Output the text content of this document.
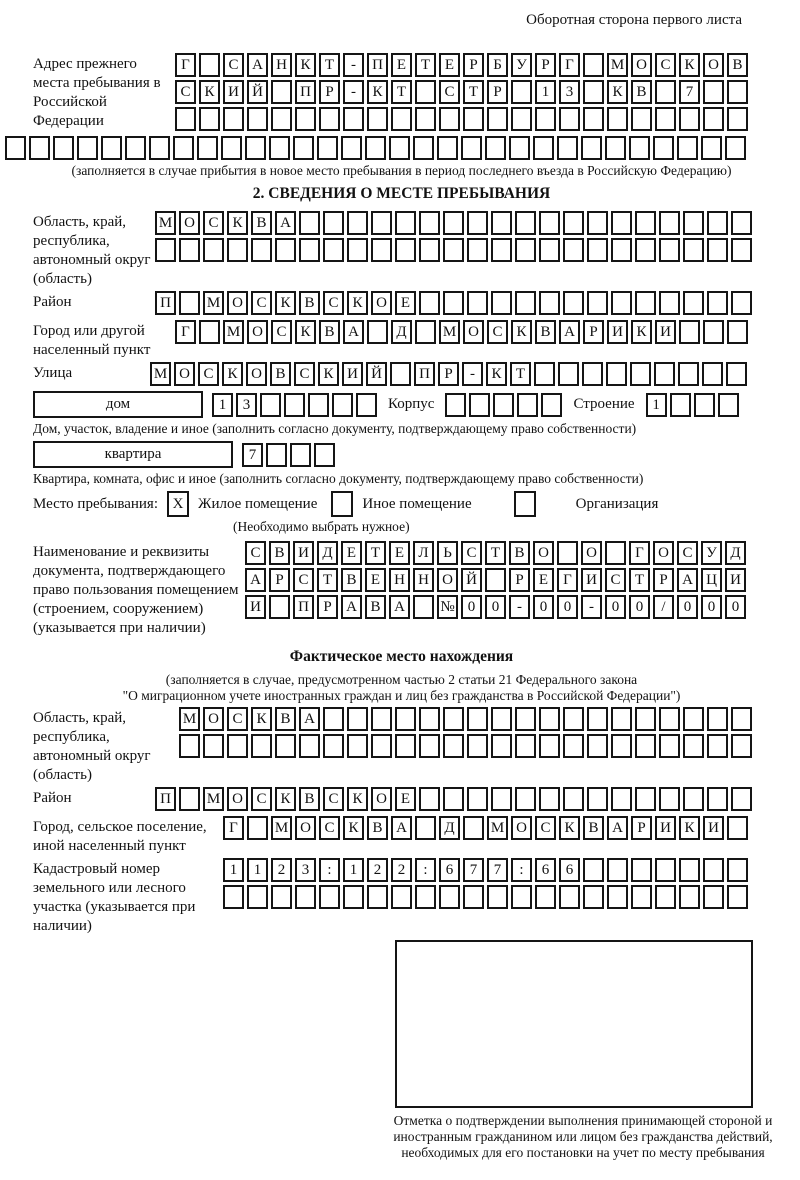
Оборотная сторона первого листа
Адрес прежнего места пребывания в Российской Федерации
Г	С А Н К Т	-	П Е Т Е	Р	Б У Р	Г	М О С К О В
С К И Й	П Р	-	К Т	С Т	Р	1	3	К В	7
(заполняется в случае прибытия в новое место пребывания в период последнего въезда в Российскую Федерацию)
2. СВЕДЕНИЯ О МЕСТЕ ПРЕБЫВАНИЯ
Область, край, республика, автономный округ (область)
М О С К В А
Район	П	М О С К В С К О Е
Город или другой населенный пункт
Г	М О С К В А	Д	М О С К В А Р И К И
Улица	М О С К О В С К И Й	П Р	-	К Т
дом	1	3	Корпус	Строение	1
Дом, участок, владение и иное (заполнить согласно документу, подтверждающему право собственности)
квартира	7
Квартира, комната, офис и иное (заполнить согласно документу, подтверждающему право собственности)
Место пребывания: X Жилое помещение	Иное помещение	Организация
(Необходимо выбрать нужное)
Наименование и реквизиты документа, подтверждающего право пользования помещением (строением, сооружением) (указывается при наличии)
С В И Д Е Т Е Л Ь С Т В О	О	Г О С У Д
А Р С Т В Е Н Н О Й	Р	Е	Г И С Т	Р А Ц И
И	П Р А В А	№ 0	0	-	0	0	-	0	0	/	0	0	0
Фактическое место нахождения
(заполняется в случае, предусмотренном частью 2 статьи 21 Федерального закона
"О миграционном учете иностранных граждан и лиц без гражданства в Российской Федерации")
Область, край, республика, автономный округ (область)
М О С К В А
Район	П	М О С К В С К О Е
Город, сельское поселение, иной населенный пункт
Г	М О С К В А	Д	М О С К В А Р И К И
Кадастровый номер земельного или лесного участка (указывается при наличии)
1	1	2	3	:	1	2	2	:	6	7	7	:	6	6
Отметка о подтверждении выполнения принимающей стороной и иностранным гражданином или лицом без гражданства действий, необходимых для его постановки на учет по месту пребывания
